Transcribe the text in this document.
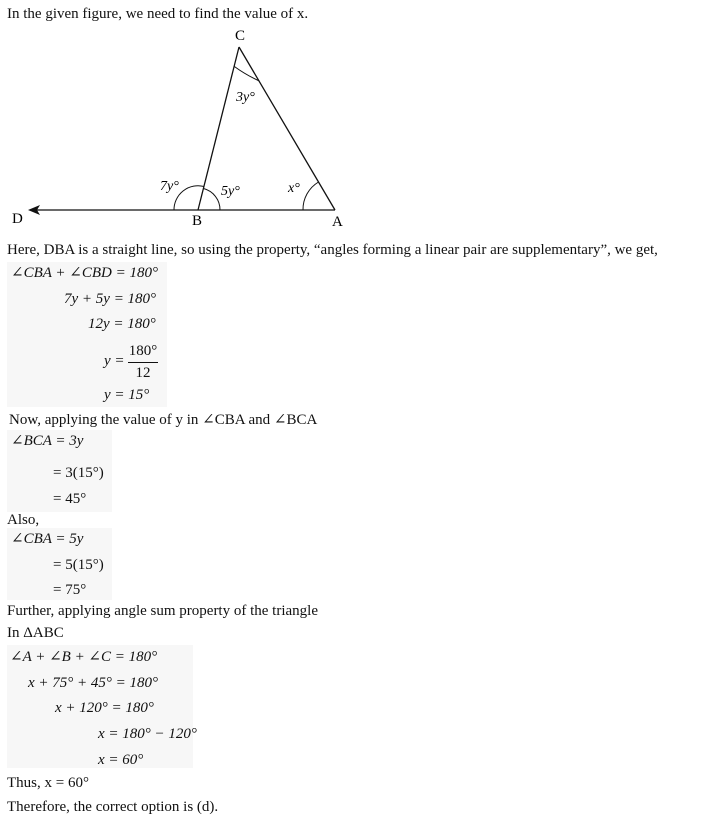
In the given figure, we need to find the value of x.
C
B	A
D
3y°
7y°	5y°	x°
Here, DBA is a straight line, so using the property, “angles forming a linear pair are supplementary”, we get,
∠CBA + ∠CBD = 180°
7y + 5y = 180°
12y = 180°
y =
180°
12
y = 15°
Now, applying the value of y in ∠CBA and ∠BCA
∠BCA = 3y
= 3(15°)
= 45°
Also,
∠CBA = 5y
= 5(15°)
= 75°
Further, applying angle sum property of the triangle
In ΔABC
∠A + ∠B + ∠C = 180°
x + 75° + 45° = 180°
x + 120° = 180°
x = 180° − 120°
x = 60°
Thus, x = 60°
Therefore, the correct option is (d).
